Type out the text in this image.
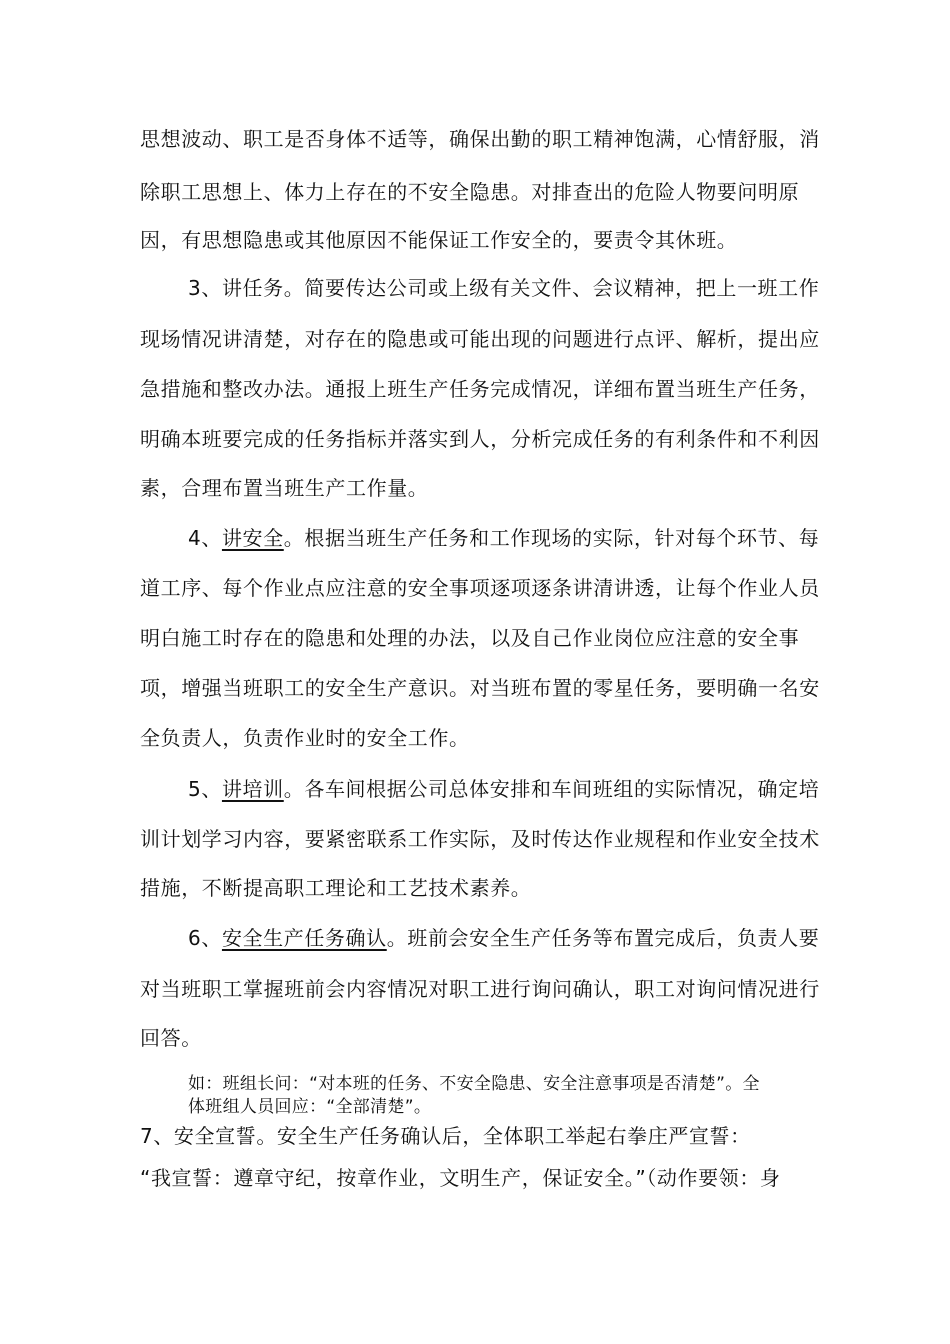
思想波动、职工是否身体不适等，确保出勤的职工精神饱满，心情舒服，消
除职工思想上、体力上存在的不安全隐患。对排查出的危险人物要问明原
因，有思想隐患或其他原因不能保证工作安全的，要责令其休班。
3、讲任务。简要传达公司或上级有关文件、会议精神，把上一班工作
现场情况讲清楚，对存在的隐患或可能出现的问题进行点评、解析，提出应
急措施和整改办法。通报上班生产任务完成情况，详细布置当班生产任务，
明确本班要完成的任务指标并落实到人，分析完成任务的有利条件和不利因
素，合理布置当班生产工作量。
4、讲安全。根据当班生产任务和工作现场的实际，针对每个环节、每
道工序、每个作业点应注意的安全事项逐项逐条讲清讲透，让每个作业人员
明白施工时存在的隐患和处理的办法，以及自己作业岗位应注意的安全事
项，增强当班职工的安全生产意识。对当班布置的零星任务，要明确一名安
全负责人，负责作业时的安全工作。
5、讲培训。各车间根据公司总体安排和车间班组的实际情况，确定培
训计划学习内容，要紧密联系工作实际，及时传达作业规程和作业安全技术
措施，不断提高职工理论和工艺技术素养。
6、安全生产任务确认。班前会安全生产任务等布置完成后，负责人要
对当班职工掌握班前会内容情况对职工进行询问确认，职工对询问情况进行
回答。
如：班组长问：“对本班的任务、不安全隐患、安全注意事项是否清楚”。全
体班组人员回应：“全部清楚”。
7、安全宣誓。安全生产任务确认后，全体职工举起右拳庄严宣誓：
“我宣誓：遵章守纪，按章作业，文明生产，保证安全。”（动作要领：身
